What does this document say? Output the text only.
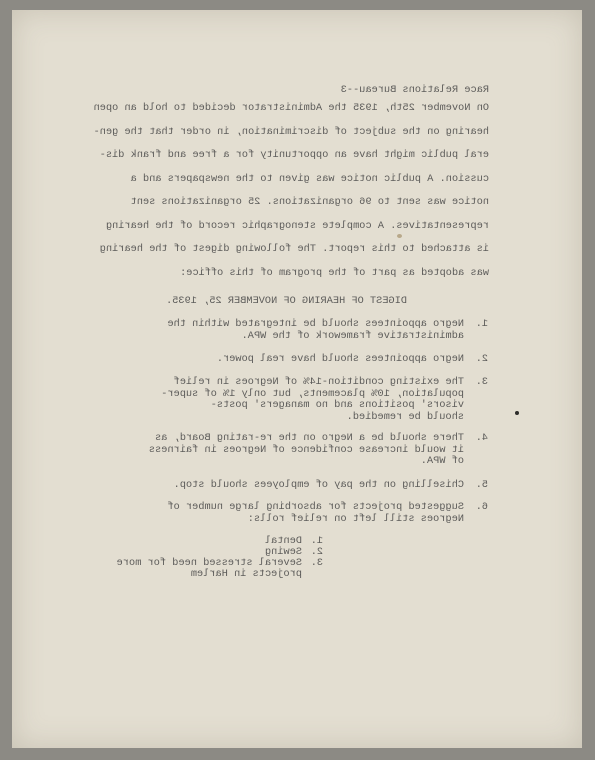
Race Relations Bureau--3
On November 25th, 1935 the Administrator decided to hold an open
hearing on the subject of discrimination, in order that the gen-
eral public might have an opportunity for a free and frank dis-
cussion. A public notice was given to the newspapers and a
notice was sent to 96 organizations. 25 organizations sent
representatives. A complete stenographic record of the hearing
is attached to this report. The following digest of the hearing
was adopted as part of the program of this office:
DIGEST OF HEARING OF NOVEMBER 25, 1935.
1.
Negro appointees should be integrated within the
administrative framework of the WPA.
2.
Negro appointees should have real power.
3.
The existing condition-14% of Negroes in relief
population, 10% placements, but only 1% of super-
visors' positions and no managers' posts-
should be remedied.
4.
There should be a Negro on the re-rating Board, as
it would increase confidence of Negroes in fairness
of WPA.
5.
Chiselling on the pay of employees should stop.
6.
Suggested projects for absorbing large number of
Negroes still left on relief rolls:
1.
Dental
2.
Sewing
3.
Several stressed need for more
projects in Harlem
